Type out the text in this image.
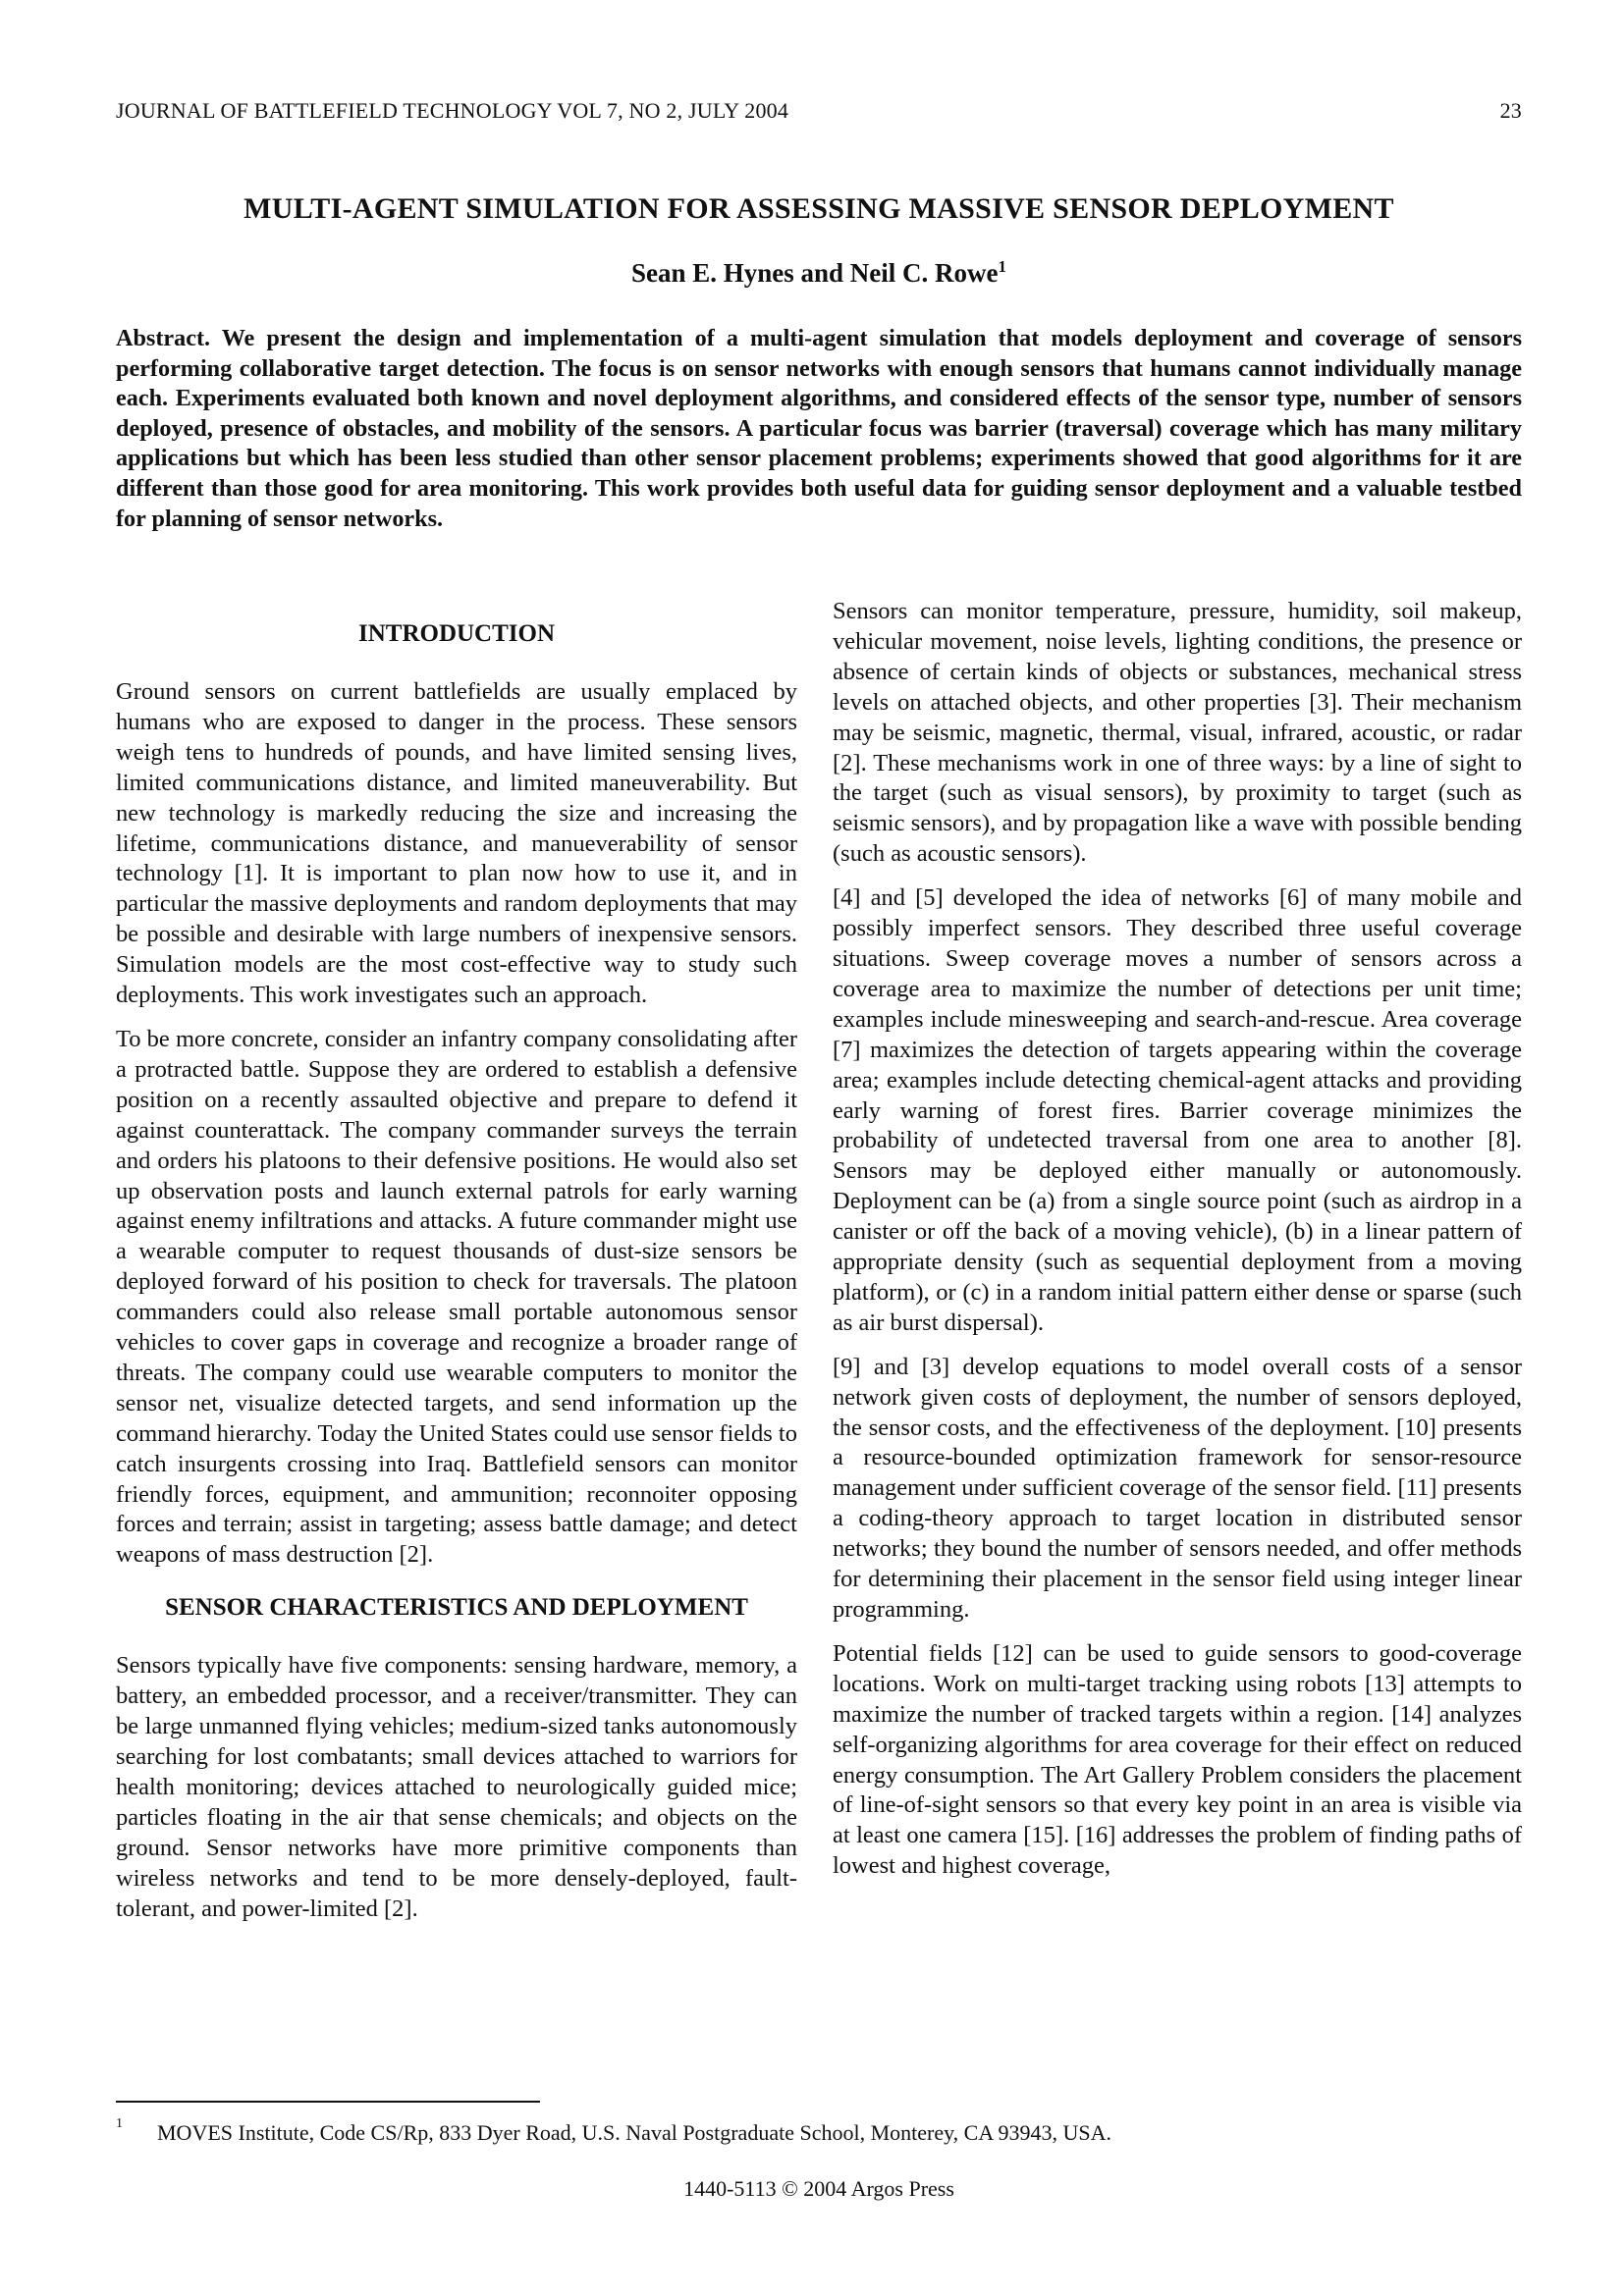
JOURNAL OF BATTLEFIELD TECHNOLOGY VOL 7, NO 2, JULY 2004	23
MULTI-AGENT SIMULATION FOR ASSESSING MASSIVE SENSOR DEPLOYMENT
Sean E. Hynes and Neil C. Rowe$^1$

Abstract. We present the design and implementation of a multi-agent simulation that models deployment and coverage of sensors performing collaborative target detection. The focus is on sensor networks with enough sensors that humans cannot individually manage each. Experiments evaluated both known and novel deployment algorithms, and considered effects of the sensor type, number of sensors deployed, presence of obstacles, and mobility of the sensors. A particular focus was barrier (traversal) coverage which has many military applications but which has been less studied than other sensor placement problems; experiments showed that good algorithms for it are different than those good for area monitoring. This work provides both useful data for guiding sensor deployment and a valuable testbed for planning of sensor networks.

INTRODUCTION

Ground sensors on current battlefields are usually emplaced by humans who are exposed to danger in the process. These sensors weigh tens to hundreds of pounds, and have limited sensing lives, limited communications distance, and limited maneuverability. But new technology is markedly reducing the size and increasing the lifetime, communications distance, and manueverability of sensor technology [1]. It is important to plan now how to use it, and in particular the massive deployments and random deployments that may be possible and desirable with large numbers of inexpensive sensors. Simulation models are the most cost-effective way to study such deployments. This work investigates such an approach.

To be more concrete, consider an infantry company consolidating after a protracted battle. Suppose they are ordered to establish a defensive position on a recently assaulted objective and prepare to defend it against counterattack. The company commander surveys the terrain and orders his platoons to their defensive positions. He would also set up observation posts and launch external patrols for early warning against enemy infiltrations and attacks. A future commander might use a wearable computer to request thousands of dust-size sensors be deployed forward of his position to check for traversals. The platoon commanders could also release small portable autonomous sensor vehicles to cover gaps in coverage and recognize a broader range of threats. The company could use wearable computers to monitor the sensor net, visualize detected targets, and send information up the command hierarchy. Today the United States could use sensor fields to catch insurgents crossing into Iraq. Battlefield sensors can monitor friendly forces, equipment, and ammunition; reconnoiter opposing forces and terrain; assist in targeting; assess battle damage; and detect weapons of mass destruction [2].

SENSOR CHARACTERISTICS AND DEPLOYMENT

Sensors typically have five components: sensing hardware, memory, a battery, an embedded processor, and a receiver/transmitter. They can be large unmanned flying vehicles; medium-sized tanks autonomously searching for lost combatants; small devices attached to warriors for health monitoring; devices attached to neurologically guided mice; particles floating in the air that sense chemicals; and objects on the ground. Sensor networks have more primitive components than wireless networks and tend to be more densely-deployed, fault-tolerant, and power-limited [2].

Sensors can monitor temperature, pressure, humidity, soil makeup, vehicular movement, noise levels, lighting conditions, the presence or absence of certain kinds of objects or substances, mechanical stress levels on attached objects, and other properties [3]. Their mechanism may be seismic, magnetic, thermal, visual, infrared, acoustic, or radar [2]. These mechanisms work in one of three ways: by a line of sight to the target (such as visual sensors), by proximity to target (such as seismic sensors), and by propagation like a wave with possible bending (such as acoustic sensors).

[4] and [5] developed the idea of networks [6] of many mobile and possibly imperfect sensors. They described three useful coverage situations. Sweep coverage moves a number of sensors across a coverage area to maximize the number of detections per unit time; examples include minesweeping and search-and-rescue. Area coverage [7] maximizes the detection of targets appearing within the coverage area; examples include detecting chemical-agent attacks and providing early warning of forest fires. Barrier coverage minimizes the probability of undetected traversal from one area to another [8]. Sensors may be deployed either manually or autonomously. Deployment can be (a) from a single source point (such as airdrop in a canister or off the back of a moving vehicle), (b) in a linear pattern of appropriate density (such as sequential deployment from a moving platform), or (c) in a random initial pattern either dense or sparse (such as air burst dispersal).

[9] and [3] develop equations to model overall costs of a sensor network given costs of deployment, the number of sensors deployed, the sensor costs, and the effectiveness of the deployment. [10] presents a resource-bounded optimization framework for sensor-resource management under sufficient coverage of the sensor field. [11] presents a coding-theory approach to target location in distributed sensor networks; they bound the number of sensors needed, and offer methods for determining their placement in the sensor field using integer linear programming.

Potential fields [12] can be used to guide sensors to good-coverage locations. Work on multi-target tracking using robots [13] attempts to maximize the number of tracked targets within a region. [14] analyzes self-organizing algorithms for area coverage for their effect on reduced energy consumption. The Art Gallery Problem considers the placement of line-of-sight sensors so that every key point in an area is visible via at least one camera [15]. [16] addresses the problem of finding paths of lowest and highest coverage,

1 MOVES Institute, Code CS/Rp, 833 Dyer Road, U.S. Naval Postgraduate School, Monterey, CA 93943, USA.
1440-5113 © 2004 Argos Press
